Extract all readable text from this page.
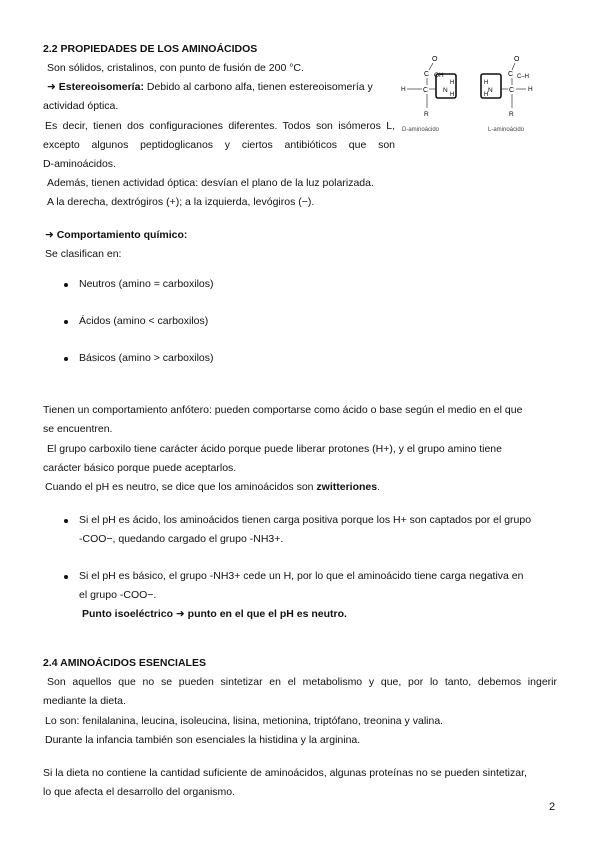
2.2 PROPIEDADES DE LOS AMINOÁCIDOS
Son sólidos, cristalinos, con punto de fusión de 200 °C.
➜ Estereoisomería: Debido al carbono alfa, tienen estereoisomería y
actividad óptica.
Es decir, tienen dos configuraciones diferentes. Todos son isómeros L,
excepto algunos peptidoglicanos y ciertos antibióticos que son
D-aminoácidos.
Además, tienen actividad óptica: desvían el plano de la luz polarizada.
A la derecha, dextrógiros (+); a la izquierda, levógiros (−).
O
C OH
H C N
H
H
R
D-aminoácido
H
N
H
C H
O
C C–H
R
L-aminoácido
➜ Comportamiento químico:
Se clasifican en:
Neutros (amino = carboxilos)
Ácidos (amino < carboxilos)
Básicos (amino > carboxilos)
Tienen un comportamiento anfótero: pueden comportarse como ácido o base según el medio en el que
se encuentren.
El grupo carboxilo tiene carácter ácido porque puede liberar protones (H+), y el grupo amino tiene
carácter básico porque puede aceptarlos.
Cuando el pH es neutro, se dice que los aminoácidos son zwitteriones.
Si el pH es ácido, los aminoácidos tienen carga positiva porque los H+ son captados por el grupo
-COO−, quedando cargado el grupo -NH3+.
Si el pH es básico, el grupo -NH3+ cede un H, por lo que el aminoácido tiene carga negativa en
el grupo -COO−.
Punto isoeléctrico ➜ punto en el que el pH es neutro.
2.4 AMINOÁCIDOS ESENCIALES
Son aquellos que no se pueden sintetizar en el metabolismo y que, por lo tanto, debemos ingerir
mediante la dieta.
Lo son: fenilalanina, leucina, isoleucina, lisina, metionina, triptófano, treonina y valina.
Durante la infancia también son esenciales la histidina y la arginina.
Si la dieta no contiene la cantidad suficiente de aminoácidos, algunas proteínas no se pueden sintetizar,
lo que afecta el desarrollo del organismo.
2
